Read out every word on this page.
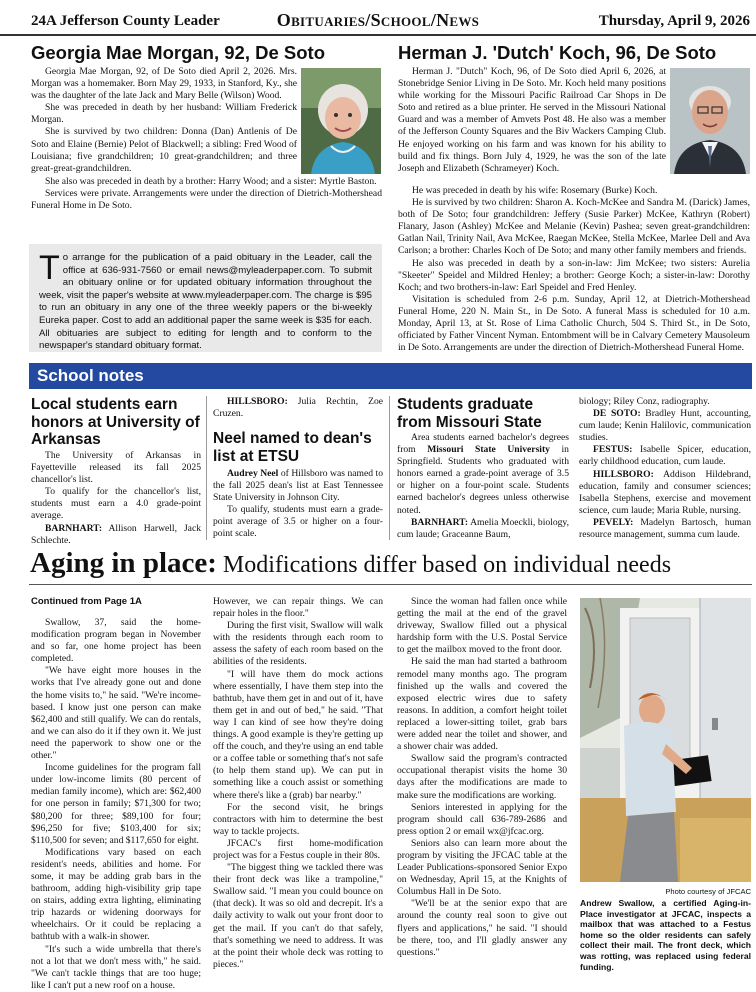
24A Jefferson County Leader	Obituaries/School/News	Thursday, April 9, 2026
Georgia Mae Morgan, 92, De Soto

Georgia Mae Morgan, 92, of De Soto died April 2, 2026. Mrs. Morgan was a homemaker. Born May 29, 1933, in Stanford, Ky., she was the daughter of the late Jack and Mary Belle (Wilson) Wood.

She was preceded in death by her husband: William Frederick Morgan.

She is survived by two children: Donna (Dan) Antlenis of De Soto and Elaine (Bernie) Pelot of Blackwell; a sibling: Fred Wood of Louisiana; five grandchildren; 10 great-grandchildren; and three great-great-grandchildren.

She also was preceded in death by a brother: Harry Wood; and a sister: Myrtle Baston.

Services were private. Arrangements were under the direction of Dietrich-Mothershead Funeral Home in De Soto.

To arrange for the publication of a paid obituary in the Leader, call the office at 636-931-7560 or email news@myleaderpaper.com. To submit an obituary online or for updated obituary information throughout the week, visit the paper's website at www.myleaderpaper.com. The charge is $95 to run an obituary in any one of the three weekly papers or the bi-weekly Eureka paper. Cost to add an additional paper the same week is $35 for each. All obituaries are subject to editing for length and to conform to the newspaper's standard obituary format.
Herman J. 'Dutch' Koch, 96, De Soto

Herman J. "Dutch" Koch, 96, of De Soto died April 6, 2026, at Stonebridge Senior Living in De Soto. Mr. Koch held many positions while working for the Missouri Pacific Railroad Car Shops in De Soto and retired as a blue printer. He served in the Missouri National Guard and was a member of Amvets Post 48. He also was a member of the Jefferson County Squares and the Biv Wackers Camping Club. He enjoyed working on his farm and was known for his ability to build and fix things. Born July 4, 1929, he was the son of the late Joseph and Elizabeth (Schrameyer) Koch.

He was preceded in death by his wife: Rosemary (Burke) Koch.

He is survived by two children: Sharon A. Koch-McKee and Sandra M. (Darick) James, both of De Soto; four grandchildren: Jeffery (Susie Parker) McKee, Kathryn (Robert) Flanary, Jason (Ashley) McKee and Melanie (Kevin) Pashea; seven great-grandchildren: Gatlan Nail, Trinity Nail, Ava McKee, Raegan McKee, Stella McKee, Marlee Dell and Ava Carlson; a brother: Charles Koch of De Soto; and many other family members and friends.

He also was preceded in death by a son-in-law: Jim McKee; two sisters: Aurelia "Skeeter" Speidel and Mildred Henley; a brother: George Koch; a sister-in-law: Dorothy Koch; and two brothers-in-law: Earl Speidel and Fred Henley.

Visitation is scheduled from 2-6 p.m. Sunday, April 12, at Dietrich-Mothershead Funeral Home, 220 N. Main St., in De Soto. A funeral Mass is scheduled for 10 a.m. Monday, April 13, at St. Rose of Lima Catholic Church, 504 S. Third St., in De Soto, officiated by Father Vincent Nyman. Entombment will be in Calvary Cemetery Mausoleum in De Soto. Arrangements are under the direction of Dietrich-Mothershead Funeral Home.

School notes
Local students earn honors at University of Arkansas

The University of Arkansas in Fayetteville released its fall 2025 chancellor's list.

To qualify for the chancellor's list, students must earn a 4.0 grade-point average.

BARNHART: Allison Harwell, Jack Schlechte.

HILLSBORO: Julia Rechtin, Zoe Cruzen.

Neel named to dean's list at ETSU

Audrey Neel of Hillsboro was named to the fall 2025 dean's list at East Tennessee State University in Johnson City.

To qualify, students must earn a grade-point average of 3.5 or higher on a four-point scale.

Students graduate from Missouri State

Area students earned bachelor's degrees from Missouri State University in Springfield. Students who graduated with honors earned a grade-point average of 3.5 or higher on a four-point scale. Students earned bachelor's degrees unless otherwise noted.

BARNHART: Amelia Moeckli, biology, cum laude; Graceanne Baum,

biology; Riley Conz, radiography.

DE SOTO: Bradley Hunt, accounting, cum laude; Kenin Halilovic, communication studies.

FESTUS: Isabelle Spicer, education, early childhood education, cum laude.

HILLSBORO: Addison Hildebrand, education, family and consumer sciences; Isabella Stephens, exercise and movement science, cum laude; Maria Ruble, nursing.

PEVELY: Madelyn Bartosch, human resource management, summa cum laude.

Aging in place: Modifications differ based on individual needs
Continued from Page 1A

Swallow, 37, said the home-modification program began in November and so far, one home project has been completed.

"We have eight more houses in the works that I've already gone out and done the home visits to," he said. "We're income-based. I know just one person can make $62,400 and still qualify. We can do rentals, and we can also do it if they own it. We just need the paperwork to show one or the other."

Income guidelines for the program fall under low-income limits (80 percent of median family income), which are: $62,400 for one person in family; $71,300 for two; $80,200 for three; $89,100 for four; $96,250 for five; $103,400 for six; $110,500 for seven; and $117,650 for eight.

Modifications vary based on each resident's needs, abilities and home. For some, it may be adding grab bars in the bathroom, adding high-visibility grip tape on stairs, adding extra lighting, eliminating trip hazards or widening doorways for wheelchairs. Or it could be replacing a bathtub with a walk-in shower.

"It's such a wide umbrella that there's not a lot that we don't mess with," he said. "We can't tackle things that are too huge; like I can't put a new roof on a house.

However, we can repair things. We can repair holes in the floor."

During the first visit, Swallow will walk with the residents through each room to assess the safety of each room based on the abilities of the residents.

"I will have them do mock actions where essentially, I have them step into the bathtub, have them get in and out of it, have them get in and out of bed," he said. "That way I can kind of see how they're doing things. A good example is they're getting up off the couch, and they're using an end table or a coffee table or something that's not safe (to help them stand up). We can put in something like a couch assist or something where there's like a (grab) bar nearby."

For the second visit, he brings contractors with him to determine the best way to tackle projects.

JFCAC's first home-modification project was for a Festus couple in their 80s.

"The biggest thing we tackled there was their front deck was like a trampoline," Swallow said. "I mean you could bounce on (that deck). It was so old and decrepit. It's a daily activity to walk out your front door to get the mail. If you can't do that safely, that's something we need to address. It was at the point their whole deck was rotting to pieces."

Since the woman had fallen once while getting the mail at the end of the gravel driveway, Swallow filled out a physical hardship form with the U.S. Postal Service to get the mailbox moved to the front door.

He said the man had started a bathroom remodel many months ago. The program finished up the walls and covered the exposed electric wires due to safety reasons. In addition, a comfort height toilet replaced a lower-sitting toilet, grab bars were added near the toilet and shower, and a shower chair was added.

Swallow said the program's contracted occupational therapist visits the home 30 days after the modifications are made to make sure the modifications are working.

Seniors interested in applying for the program should call 636-789-2686 and press option 2 or email wx@jfcac.org.

Seniors also can learn more about the program by visiting the JFCAC table at the Leader Publications-sponsored Senior Expo on Wednesday, April 15, at the Knights of Columbus Hall in De Soto.

"We'll be at the senior expo that are around the county real soon to give out flyers and applications," he said. "I should be there, too, and I'll gladly answer any questions."

Photo courtesy of JFCAC
Andrew Swallow, a certified Aging-in-Place investigator at JFCAC, inspects a mailbox that was attached to a Festus home so the older residents can safely collect their mail. The front deck, which was rotting, was replaced using federal funding.
